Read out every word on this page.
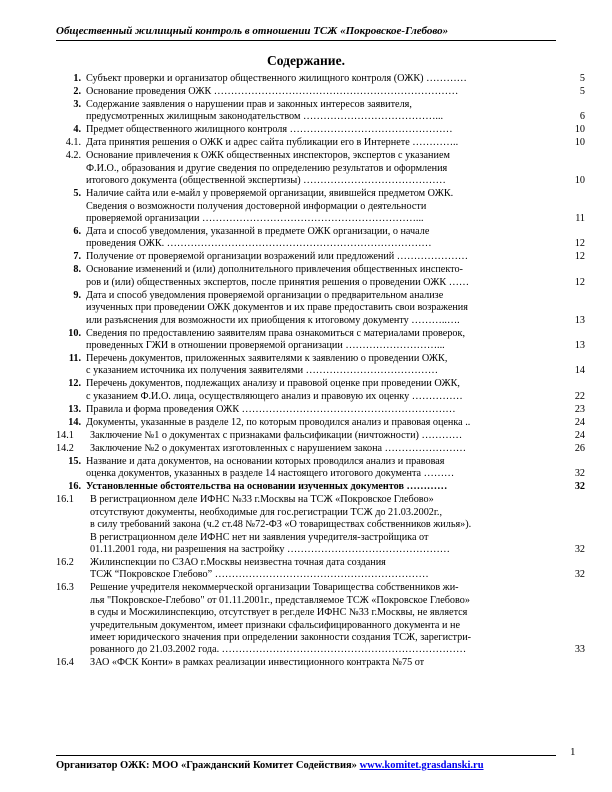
Общественный жилищный контроль в отношении ТСЖ «Покровское-Глебово»
Содержание.
1. Субъект проверки и организатор общественного жилищного контроля (ОЖК) …………	5
2. Основание проведения ОЖК ………………………………………………………………	5
3. Содержание заявления о нарушении прав и законных интересов заявителя,
предусмотренных жилищным законодательством …………………………………...	6
4. Предмет общественного жилищного контроля …………………………………………	10
4.1. Дата принятия решения о ОЖК и адрес сайта публикации его в Интернете …………..	10
4.2. Основание привлечения к ОЖК общественных инспекторов, экспертов с указанием
Ф.И.О., образования и другие сведения по определению результатов и оформления
итогового документа (общественной экспертизы) ……………………………………	10
5. Наличие сайта или е-майл у проверяемой организации, явившейся предметом ОЖК.
Сведения о возможности получения достоверной информации о деятельности
проверяемой организации ………………………………………………………...	11
6. Дата и способ уведомления, указанной в предмете ОЖК организации, о начале
проведения ОЖК. ……………………………………………………………………	12
7. Получение от проверяемой организации возражений или предложений …………………	12
8. Основание изменений и (или) дополнительного привлечения общественных инспекто-
ров и (или) общественных экспертов, после принятия решения о проведении ОЖК ……	12
9. Дата и способ уведомления проверяемой организации о предварительном анализе
изученных при проведении ОЖК документов и их праве предоставить свои возражения
или разъяснения для возможности их приобщения к итоговому документу ………..….	13
10. Сведения по предоставлению заявителям права ознакомиться с материалами проверок,
проведенных ГЖИ в отношении проверяемой организации ………………………...	13
11. Перечень документов, приложенных заявителями к заявлению о проведении ОЖК,
с указанием источника их получения заявителями …………………………………	14
12. Перечень документов, подлежащих анализу и правовой оценке при проведении ОЖК,
с указанием Ф.И.О. лица, осуществляющего анализ и правовую их оценку ……………	22
13. Правила и форма проведения ОЖК ………………………………………………………	23
14. Документы, указанные в разделе 12, по которым проводился анализ и правовая оценка ..	24
14.1	Заключение №1 о документах с признаками фальсификации (ничтожности) …………	24
14.2	Заключение №2 о документах изготовленных с нарушением закона ……………………	26
15. Название и дата документов, на основании которых проводился анализ и правовая
оценка документов, указанных в разделе 14 настоящего итогового документа ………	32
16. Установленные обстоятельства на основании изученных документов …………	32
16.1	В регистрационном деле ИФНС №33 г.Москвы на ТСЖ «Покровское Глебово»
отсутствуют документы, необходимые для гос.регистрации ТСЖ до 21.03.2002г.,
в силу требований закона (ч.2 ст.48 №72-ФЗ «О товариществах собственников жилья»).
В регистрационном деле ИФНС нет ни заявления учредителя-застройщика от
01.11.2001 года, ни разрешения на застройку …………………………………………	32
16.2	Жилинспекции по СЗАО г.Москвы неизвестна точная дата создания
ТСЖ “Покровское Глебово” ………………………………………………………	32
16.3	Решение учредителя некоммерческой организации Товарищества собственников жи-
лья "Покровское-Глебово" от 01.11.2001г., представляемое ТСЖ «Покровское Глебово»
в суды и Мосжилинспекцию, отсутствует в рег.деле ИФНС №33 г.Москвы, не является
учредительным документом, имеет признаки сфальсифицированного документа и не
имеет юридического значения при определении законности создания ТСЖ, зарегистри-
рованного до 21.03.2002 года. ………………………………………………………………	33
16.4	ЗАО «ФСК Конти» в рамках реализации инвестиционного контракта №75 от
1
Организатор ОЖК: МОО «Гражданский Комитет Содействия» www.komitet.grasdanski.ru
